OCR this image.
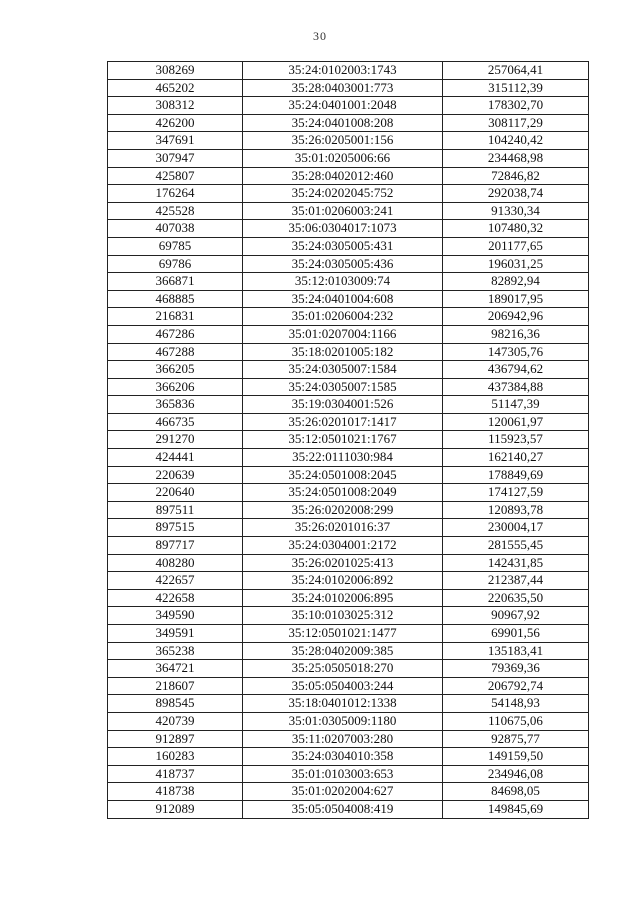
30
308269	35:24:0102003:1743	257064,41
465202	35:28:0403001:773	315112,39
308312	35:24:0401001:2048	178302,70
426200	35:24:0401008:208	308117,29
347691	35:26:0205001:156	104240,42
307947	35:01:0205006:66	234468,98
425807	35:28:0402012:460	72846,82
176264	35:24:0202045:752	292038,74
425528	35:01:0206003:241	91330,34
407038	35:06:0304017:1073	107480,32
69785	35:24:0305005:431	201177,65
69786	35:24:0305005:436	196031,25
366871	35:12:0103009:74	82892,94
468885	35:24:0401004:608	189017,95
216831	35:01:0206004:232	206942,96
467286	35:01:0207004:1166	98216,36
467288	35:18:0201005:182	147305,76
366205	35:24:0305007:1584	436794,62
366206	35:24:0305007:1585	437384,88
365836	35:19:0304001:526	51147,39
466735	35:26:0201017:1417	120061,97
291270	35:12:0501021:1767	115923,57
424441	35:22:0111030:984	162140,27
220639	35:24:0501008:2045	178849,69
220640	35:24:0501008:2049	174127,59
897511	35:26:0202008:299	120893,78
897515	35:26:0201016:37	230004,17
897717	35:24:0304001:2172	281555,45
408280	35:26:0201025:413	142431,85
422657	35:24:0102006:892	212387,44
422658	35:24:0102006:895	220635,50
349590	35:10:0103025:312	90967,92
349591	35:12:0501021:1477	69901,56
365238	35:28:0402009:385	135183,41
364721	35:25:0505018:270	79369,36
218607	35:05:0504003:244	206792,74
898545	35:18:0401012:1338	54148,93
420739	35:01:0305009:1180	110675,06
912897	35:11:0207003:280	92875,77
160283	35:24:0304010:358	149159,50
418737	35:01:0103003:653	234946,08
418738	35:01:0202004:627	84698,05
912089	35:05:0504008:419	149845,69
